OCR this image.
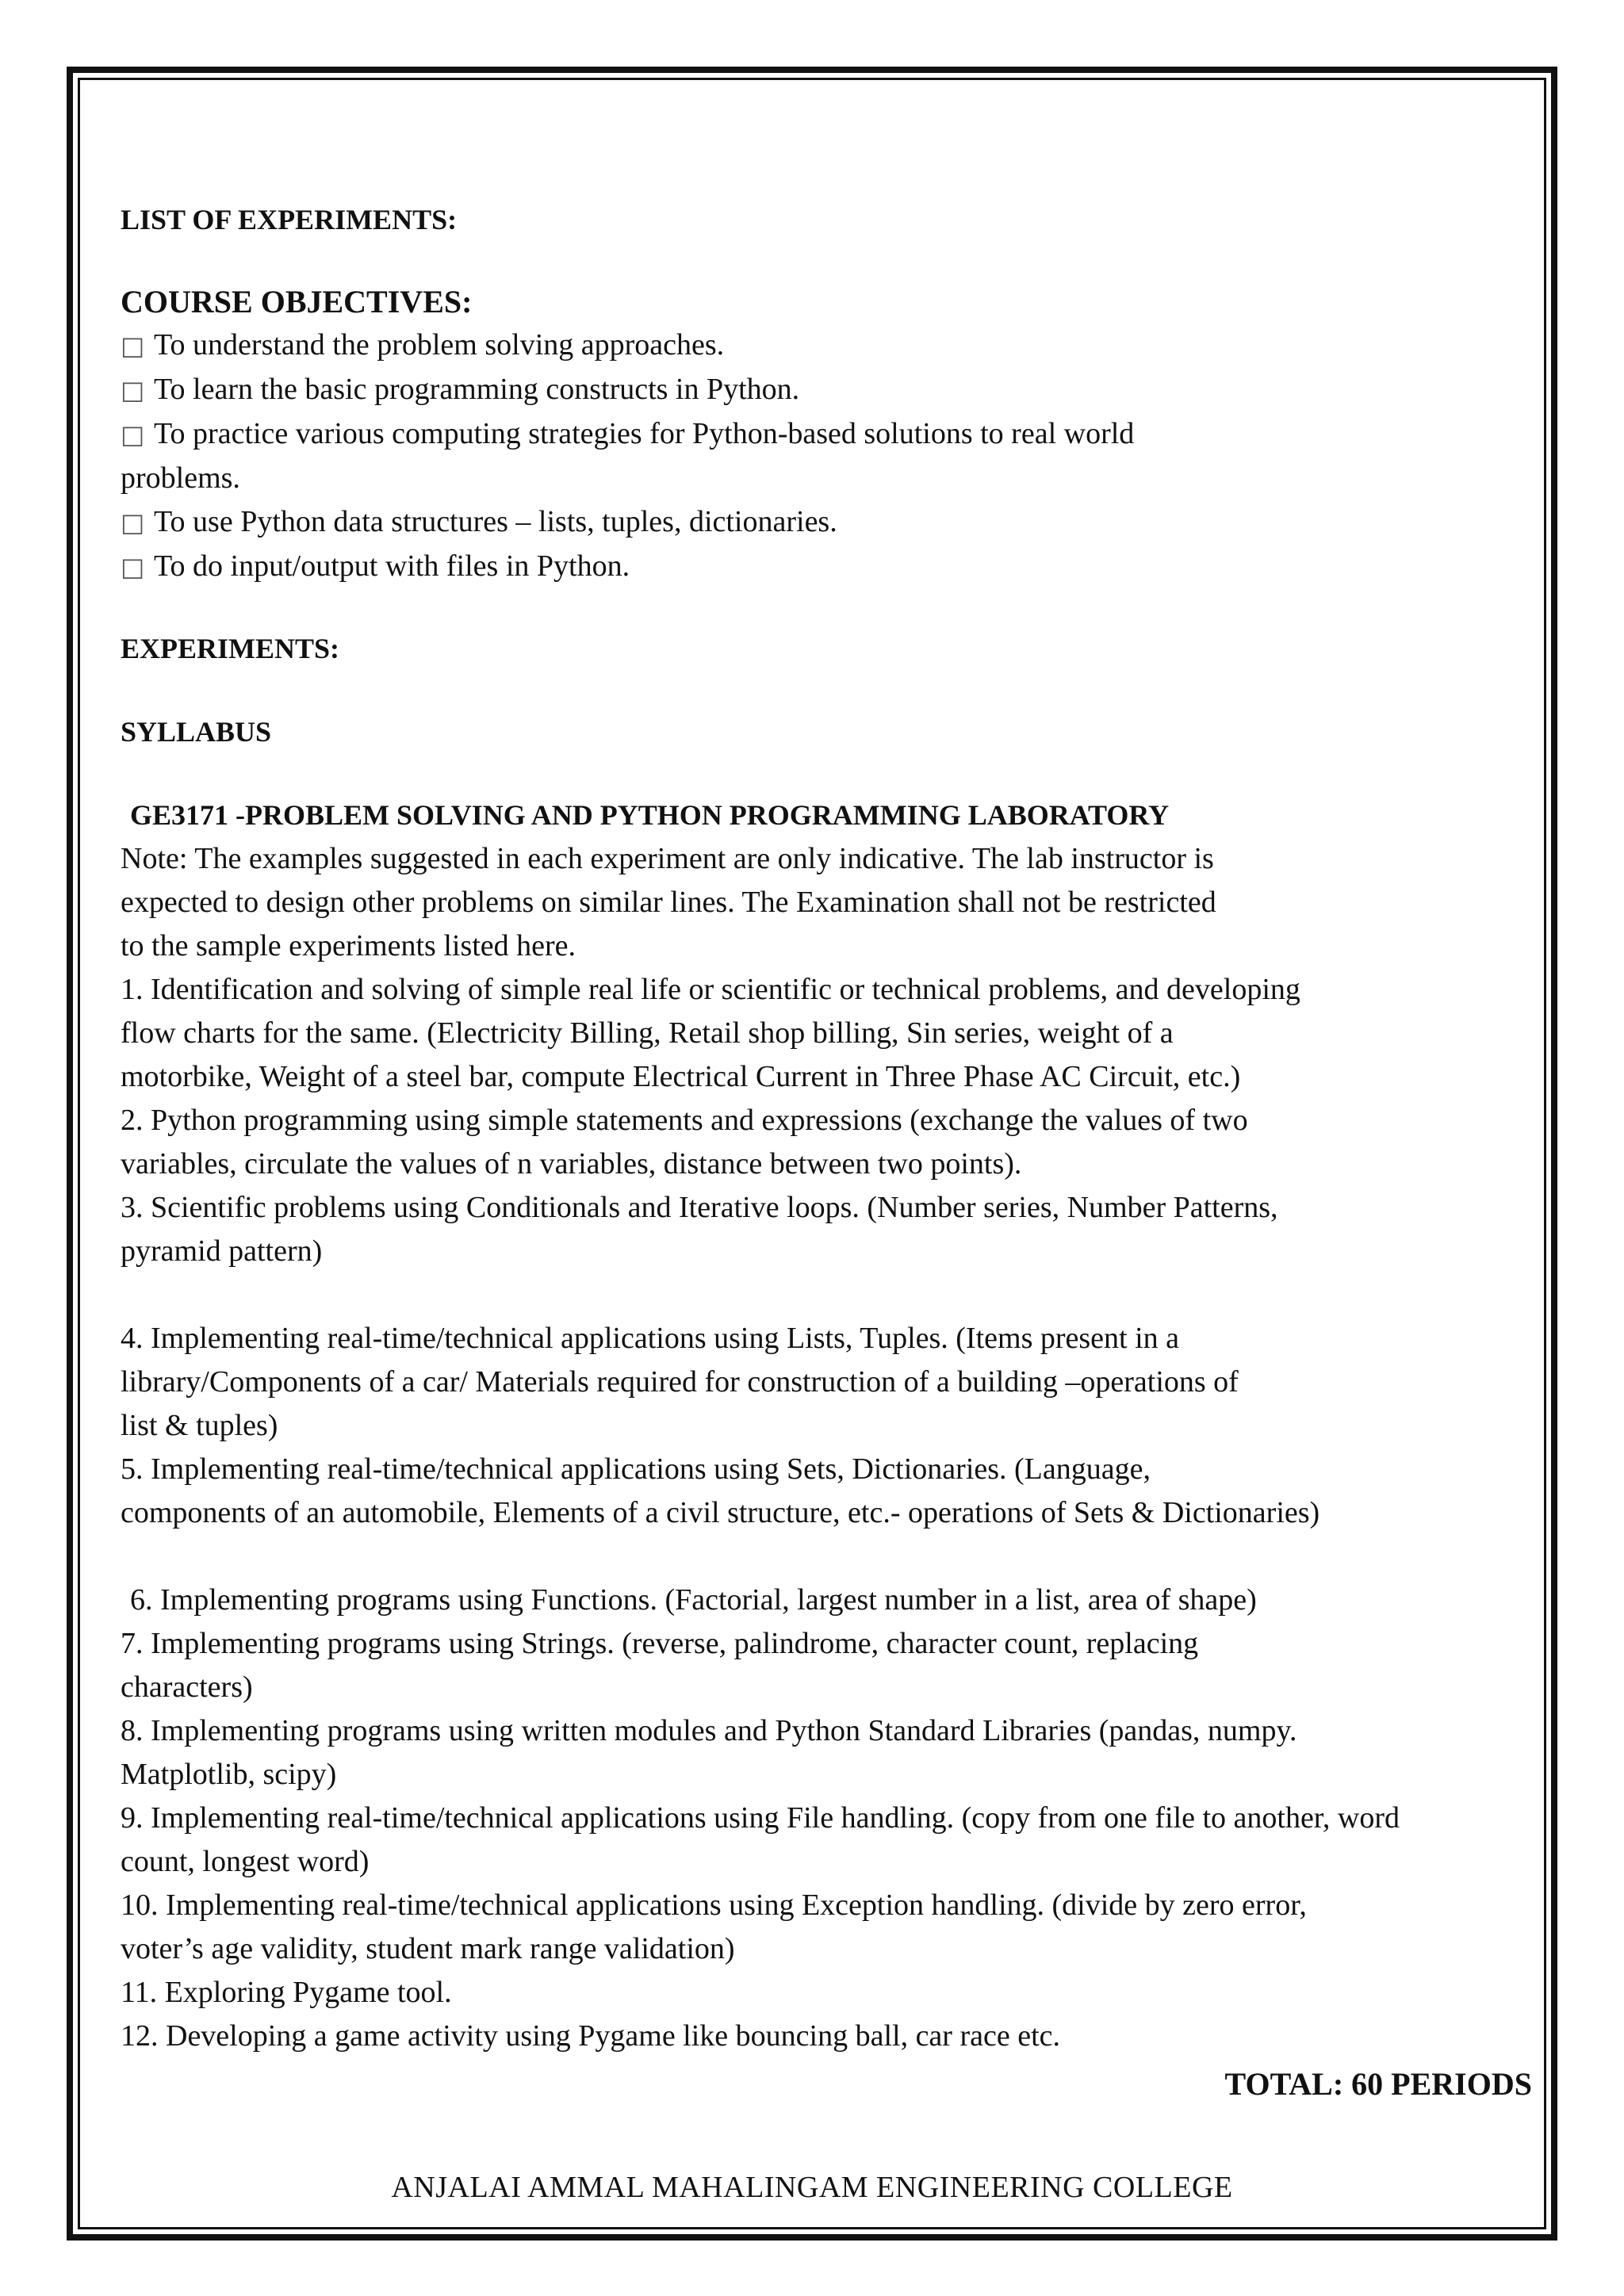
LIST OF EXPERIMENTS:

COURSE OBJECTIVES:

□ To understand the problem solving approaches.

□ To learn the basic programming constructs in Python.

□ To practice various computing strategies for Python-based solutions to real world

problems.

□ To use Python data structures – lists, tuples, dictionaries.

□ To do input/output with files in Python.

EXPERIMENTS:

SYLLABUS

GE3171 -PROBLEM SOLVING AND PYTHON PROGRAMMING LABORATORY

Note: The examples suggested in each experiment are only indicative. The lab instructor is

expected to design other problems on similar lines. The Examination shall not be restricted

to the sample experiments listed here.

1. Identification and solving of simple real life or scientific or technical problems, and developing

flow charts for the same. (Electricity Billing, Retail shop billing, Sin series, weight of a

motorbike, Weight of a steel bar, compute Electrical Current in Three Phase AC Circuit, etc.)

2. Python programming using simple statements and expressions (exchange the values of two

variables, circulate the values of n variables, distance between two points).

3. Scientific problems using Conditionals and Iterative loops. (Number series, Number Patterns,

pyramid pattern)

4. Implementing real-time/technical applications using Lists, Tuples. (Items present in a

library/Components of a car/ Materials required for construction of a building –operations of

list & tuples)

5. Implementing real-time/technical applications using Sets, Dictionaries. (Language,

components of an automobile, Elements of a civil structure, etc.- operations of Sets & Dictionaries)

6. Implementing programs using Functions. (Factorial, largest number in a list, area of shape)

7. Implementing programs using Strings. (reverse, palindrome, character count, replacing

characters)

8. Implementing programs using written modules and Python Standard Libraries (pandas, numpy.

Matplotlib, scipy)

9. Implementing real-time/technical applications using File handling. (copy from one file to another, word

count, longest word)

10. Implementing real-time/technical applications using Exception handling. (divide by zero error,

voter’s age validity, student mark range validation)

11. Exploring Pygame tool.

12. Developing a game activity using Pygame like bouncing ball, car race etc.

TOTAL: 60 PERIODS
ANJALAI AMMAL MAHALINGAM ENGINEERING COLLEGE
